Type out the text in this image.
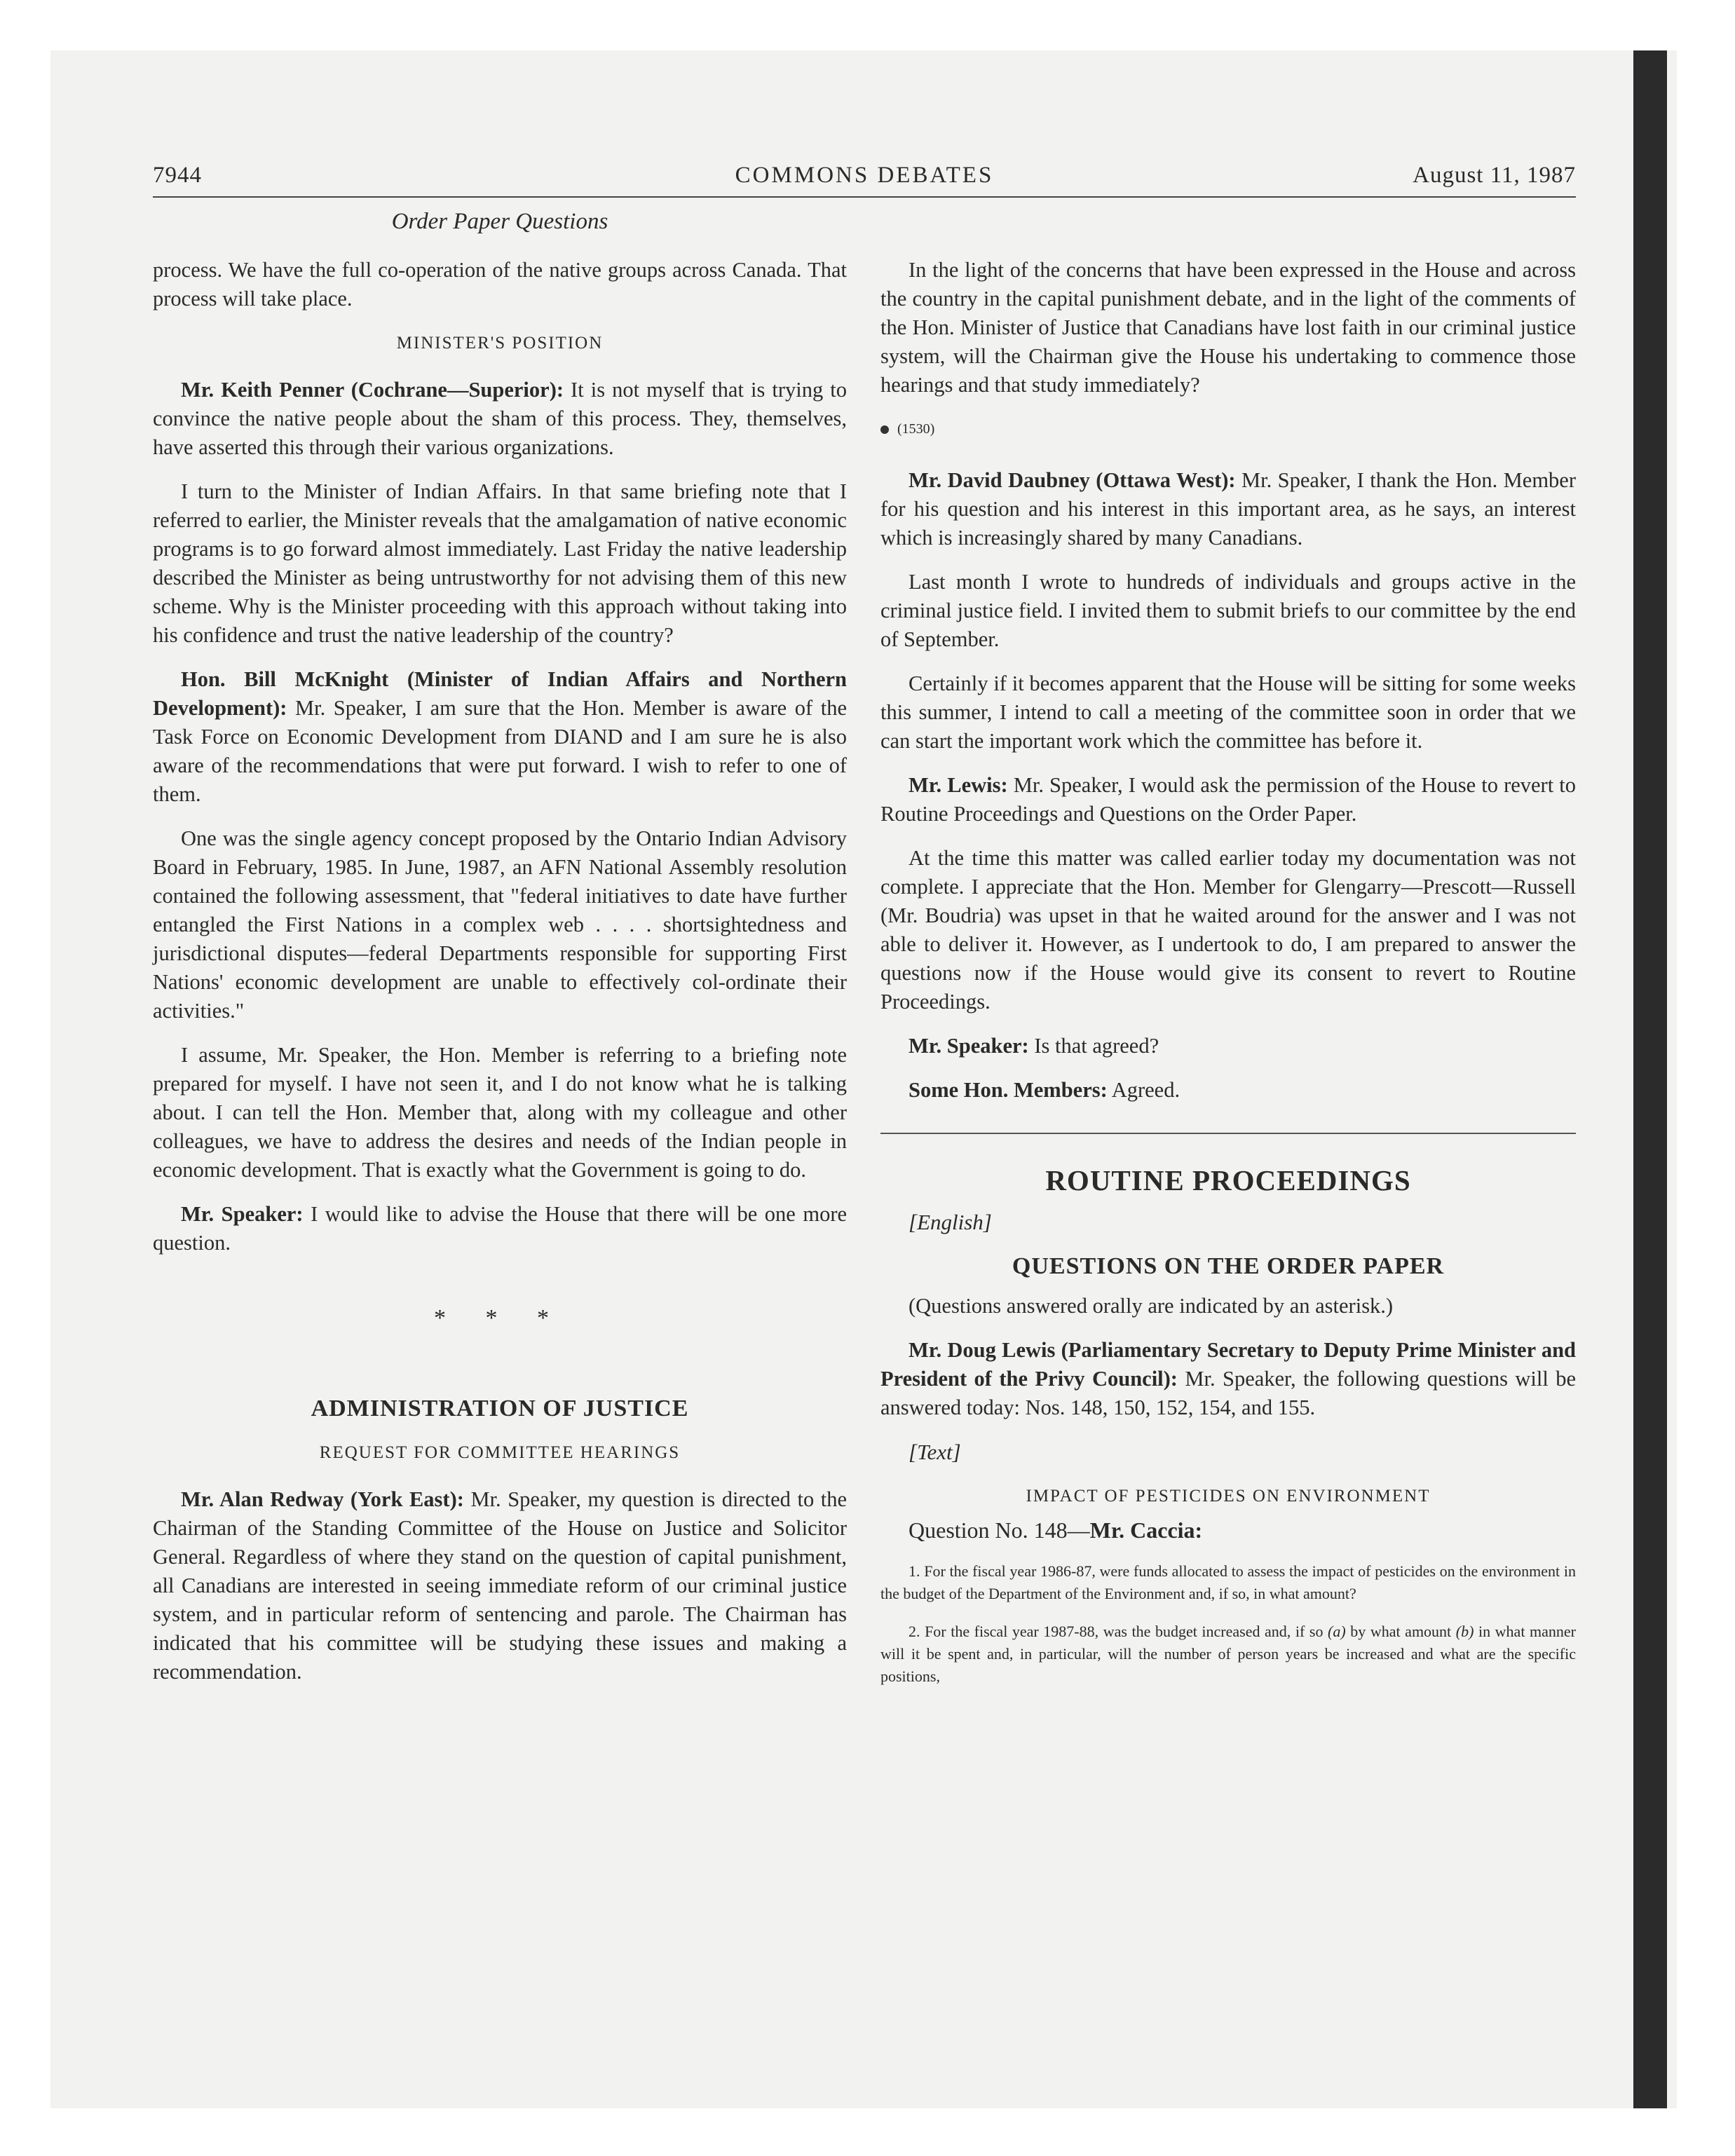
7944	COMMONS DEBATES	August 11, 1987
Order Paper Questions

process. We have the full co-operation of the native groups across Canada. That process will take place.

MINISTER'S POSITION

Mr. Keith Penner (Cochrane—Superior): It is not myself that is trying to convince the native people about the sham of this process. They, themselves, have asserted this through their various organizations.

I turn to the Minister of Indian Affairs. In that same briefing note that I referred to earlier, the Minister reveals that the amalgamation of native economic programs is to go forward almost immediately. Last Friday the native leadership described the Minister as being untrustworthy for not advising them of this new scheme. Why is the Minister proceeding with this approach without taking into his confidence and trust the native leadership of the country?

Hon. Bill McKnight (Minister of Indian Affairs and Northern Development): Mr. Speaker, I am sure that the Hon. Member is aware of the Task Force on Economic Development from DIAND and I am sure he is also aware of the recommendations that were put forward. I wish to refer to one of them.

One was the single agency concept proposed by the Ontario Indian Advisory Board in February, 1985. In June, 1987, an AFN National Assembly resolution contained the following assessment, that "federal initiatives to date have further entangled the First Nations in a complex web . . . . shortsightedness and jurisdictional disputes—federal Departments responsible for supporting First Nations' economic development are unable to effectively col-ordinate their activities."

I assume, Mr. Speaker, the Hon. Member is referring to a briefing note prepared for myself. I have not seen it, and I do not know what he is talking about. I can tell the Hon. Member that, along with my colleague and other colleagues, we have to address the desires and needs of the Indian people in economic development. That is exactly what the Government is going to do.

Mr. Speaker: I would like to advise the House that there will be one more question.

* * *
ADMINISTRATION OF JUSTICE
REQUEST FOR COMMITTEE HEARINGS

Mr. Alan Redway (York East): Mr. Speaker, my question is directed to the Chairman of the Standing Committee of the House on Justice and Solicitor General. Regardless of where they stand on the question of capital punishment, all Canadians are interested in seeing immediate reform of our criminal justice system, and in particular reform of sentencing and parole. The Chairman has indicated that his committee will be studying these issues and making a recommendation.

In the light of the concerns that have been expressed in the House and across the country in the capital punishment debate, and in the light of the comments of the Hon. Minister of Justice that Canadians have lost faith in our criminal justice system, will the Chairman give the House his undertaking to commence those hearings and that study immediately?

(1530)

Mr. David Daubney (Ottawa West): Mr. Speaker, I thank the Hon. Member for his question and his interest in this important area, as he says, an interest which is increasingly shared by many Canadians.

Last month I wrote to hundreds of individuals and groups active in the criminal justice field. I invited them to submit briefs to our committee by the end of September.

Certainly if it becomes apparent that the House will be sitting for some weeks this summer, I intend to call a meeting of the committee soon in order that we can start the important work which the committee has before it.

Mr. Lewis: Mr. Speaker, I would ask the permission of the House to revert to Routine Proceedings and Questions on the Order Paper.

At the time this matter was called earlier today my documentation was not complete. I appreciate that the Hon. Member for Glengarry—Prescott—Russell (Mr. Boudria) was upset in that he waited around for the answer and I was not able to deliver it. However, as I undertook to do, I am prepared to answer the questions now if the House would give its consent to revert to Routine Proceedings.

Mr. Speaker: Is that agreed?

Some Hon. Members: Agreed.

ROUTINE PROCEEDINGS

[English]

QUESTIONS ON THE ORDER PAPER

(Questions answered orally are indicated by an asterisk.)

Mr. Doug Lewis (Parliamentary Secretary to Deputy Prime Minister and President of the Privy Council): Mr. Speaker, the following questions will be answered today: Nos. 148, 150, 152, 154, and 155.

[Text]

IMPACT OF PESTICIDES ON ENVIRONMENT

Question No. 148—Mr. Caccia:

1. For the fiscal year 1986-87, were funds allocated to assess the impact of pesticides on the environment in the budget of the Department of the Environment and, if so, in what amount?

2. For the fiscal year 1987-88, was the budget increased and, if so (a) by what amount (b) in what manner will it be spent and, in particular, will the number of person years be increased and what are the specific positions,
